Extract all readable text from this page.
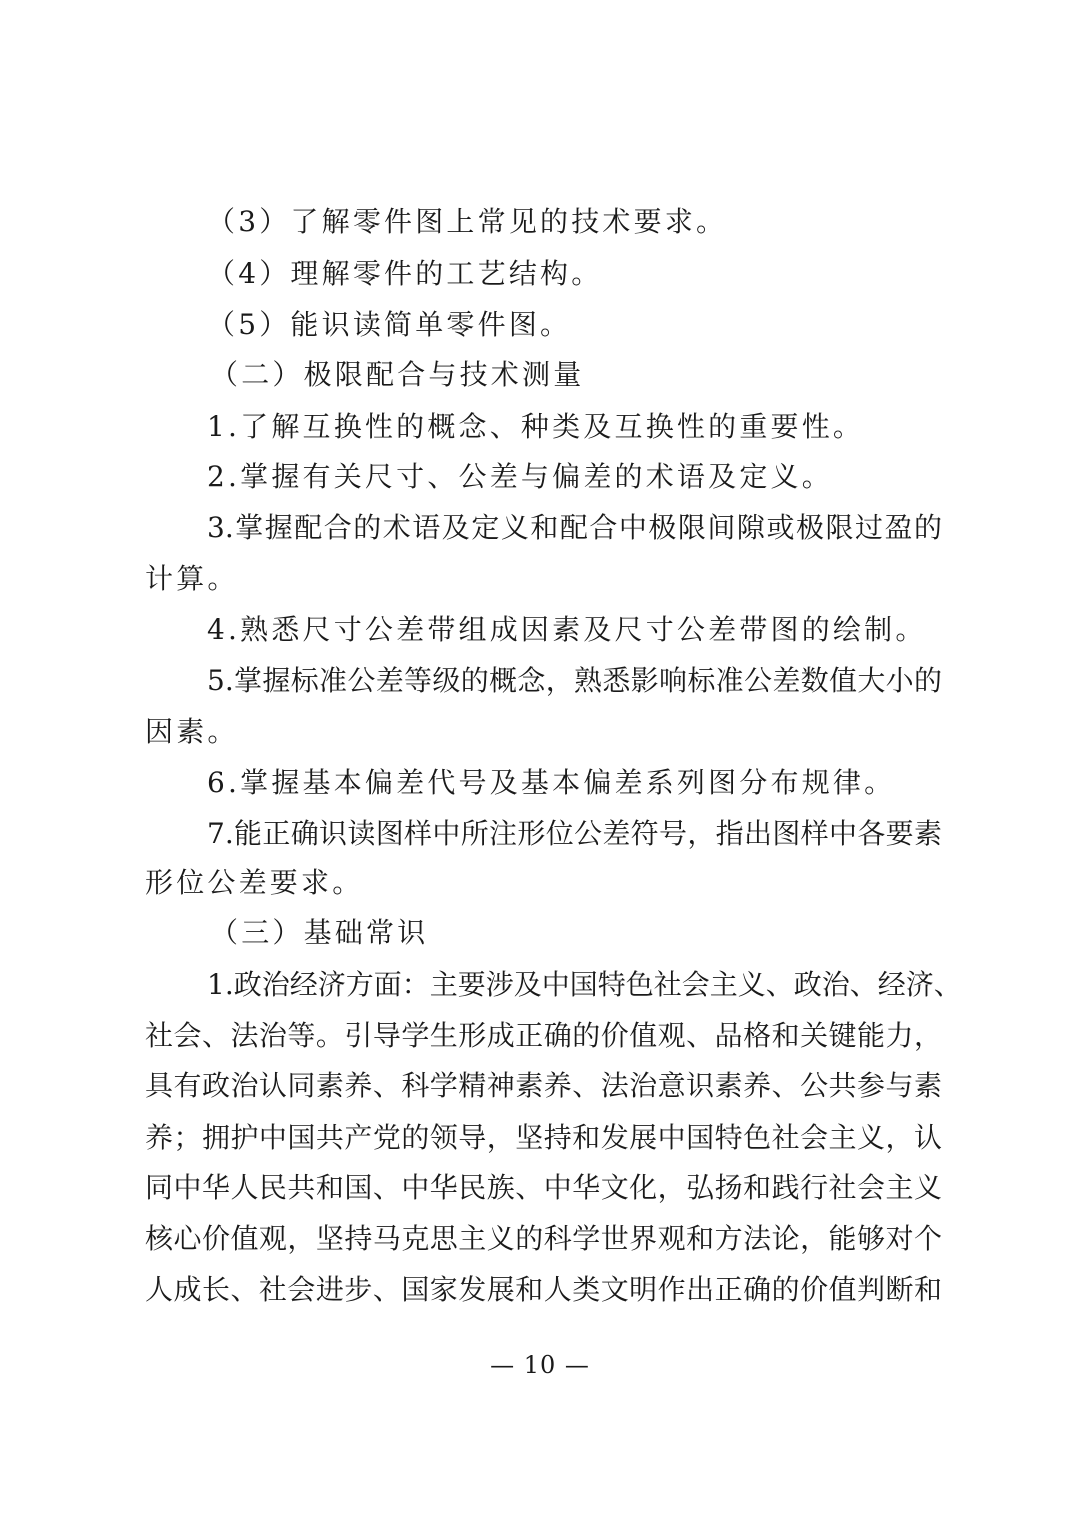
（3）了解零件图上常见的技术要求。
（4）理解零件的工艺结构。
（5）能识读简单零件图。
（二）极限配合与技术测量
1.了解互换性的概念、种类及互换性的重要性。
2.掌握有关尺寸、公差与偏差的术语及定义。
3.掌握配合的术语及定义和配合中极限间隙或极限过盈的
计算。
4.熟悉尺寸公差带组成因素及尺寸公差带图的绘制。
5.掌握标准公差等级的概念，熟悉影响标准公差数值大小的
因素。
6.掌握基本偏差代号及基本偏差系列图分布规律。
7.能正确识读图样中所注形位公差符号，指出图样中各要素
形位公差要求。
（三）基础常识
1.政治经济方面：主要涉及中国特色社会主义、政治、经济、
社会、法治等。引导学生形成正确的价值观、品格和关键能力，
具有政治认同素养、科学精神素养、法治意识素养、公共参与素
养；拥护中国共产党的领导，坚持和发展中国特色社会主义，认
同中华人民共和国、中华民族、中华文化，弘扬和践行社会主义
核心价值观，坚持马克思主义的科学世界观和方法论，能够对个
人成长、社会进步、国家发展和人类文明作出正确的价值判断和
— 10 —
